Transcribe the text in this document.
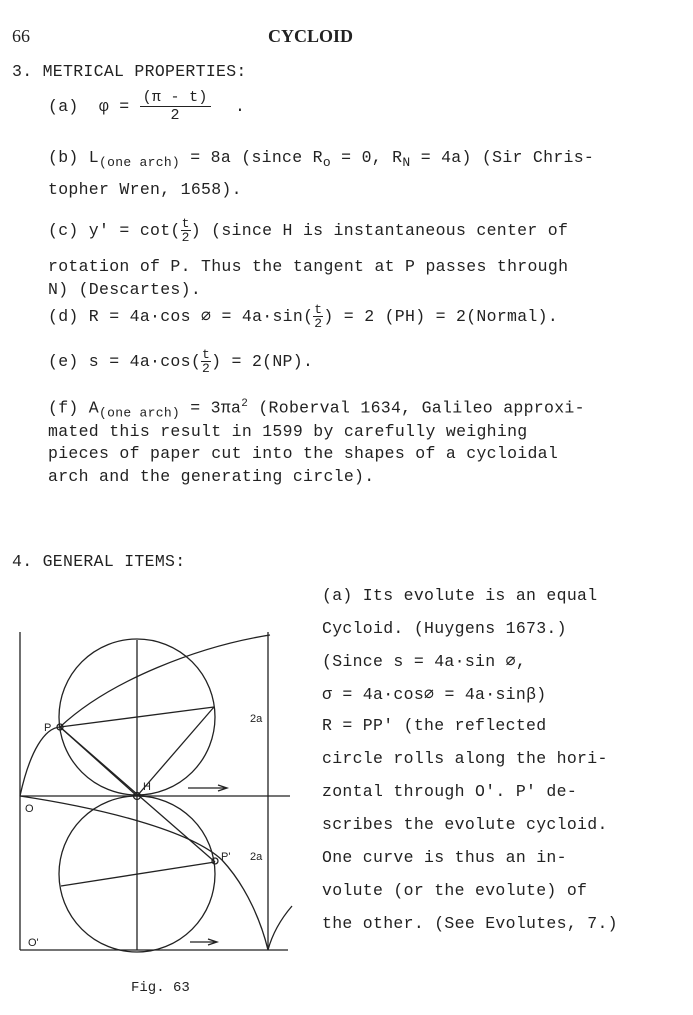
66	CYCLOID
3. METRICAL PROPERTIES:
(a) $\varphi = \frac{(\pi - t)}{2}$ .
(b) $L_{(one arch)} = 8a$ (since $R_o = 0$, $R_N = 4a$) (Sir Chris-
topher Wren, 1658).
(c) $y' = \cot( \frac{t}{2}$ ) (since H is instantaneous center of
rotation of P. Thus the tangent at P passes through
N) (Descartes).
(d) R = 4a·cos ∅ = $4a\cdot\sin( \frac{t}{2}$ ) = 2 (PH) = 2(Normal).
(e) $s = 4a\cdot\cos( \frac{t}{2}$ ) = 2(NP).
(f) $A_{(one arch)} = 3\pi a^2$ (Roberval 1634, Galileo approxi-
mated this result in 1599 by carefully weighing
pieces of paper cut into the shapes of a cycloidal
arch and the generating circle).
4. GENERAL ITEMS:
(a) Its evolute is an equal
Cycloid. (Huygens 1673.)
(Since s = 4a·sin ∅,
σ = 4a·cos∅ = 4a·sinβ)
R = PP' (the reflected
circle rolls along the hori-
zontal through O'. P' de-
scribes the evolute cycloid.
One curve is thus an in-
volute (or the evolute) of
the other. (See Evolutes, 7.)
P
H
O
O'
P'
2a
2a
Fig. 63
